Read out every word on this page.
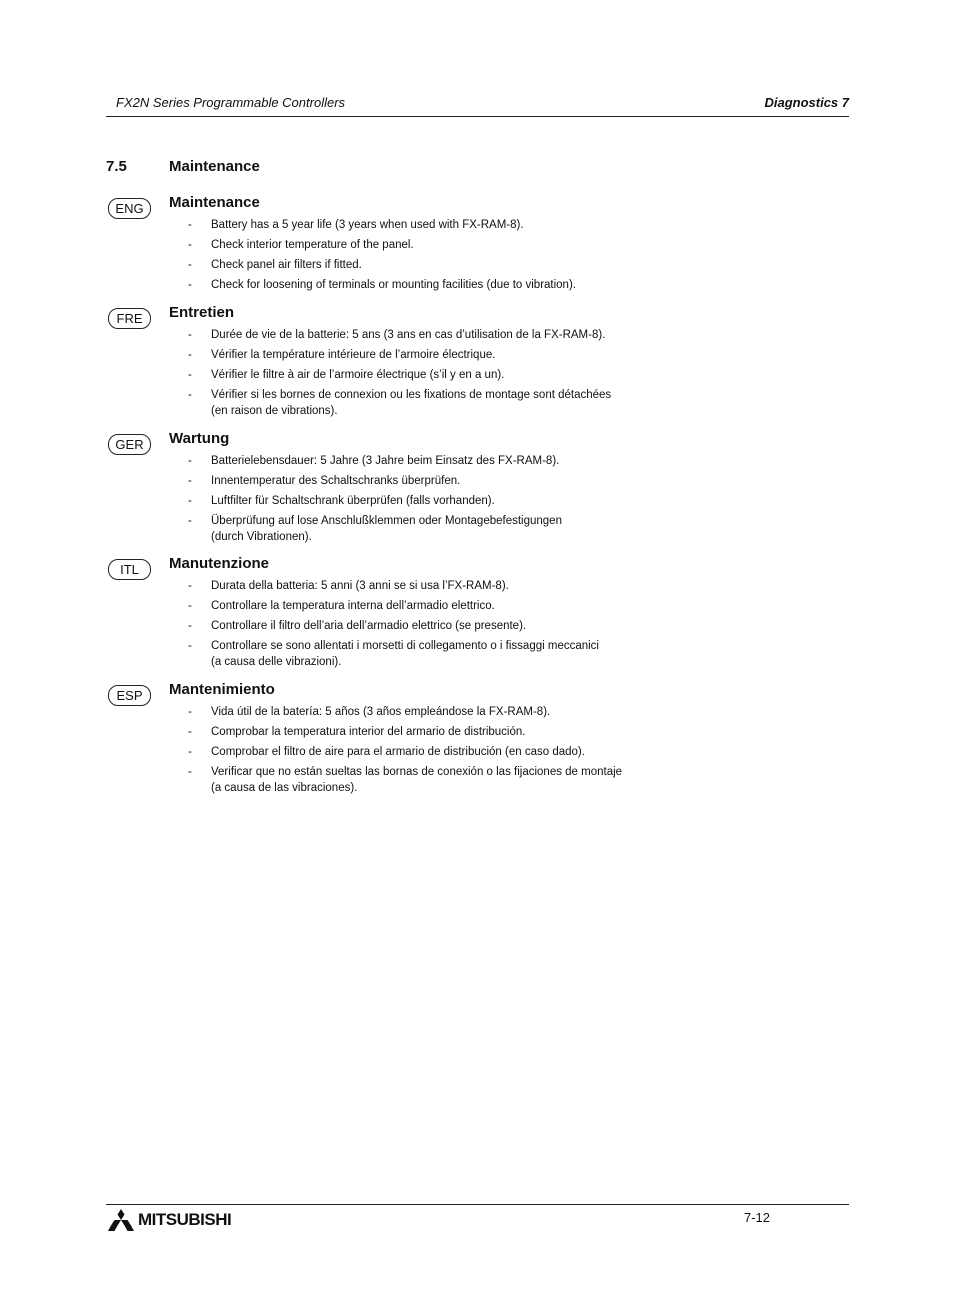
FX2N Series Programmable Controllers	Diagnostics 7
7.5	Maintenance
ENG	Maintenance
- Battery has a 5 year life (3 years when used with FX-RAM-8).
- Check interior temperature of the panel.
- Check panel air filters if fitted.
- Check for loosening of terminals or mounting facilities (due to vibration).
FRE	Entretien
- Durée de vie de la batterie: 5 ans (3 ans en cas d’utilisation de la FX-RAM-8).
- Vérifier la température intérieure de l’armoire électrique.
- Vérifier le filtre à air de l’armoire électrique (s’il y en a un).
- Vérifier si les bornes de connexion ou les fixations de montage sont détachées
(en raison de vibrations).
GER	Wartung
- Batterielebensdauer: 5 Jahre (3 Jahre beim Einsatz des FX-RAM-8).
- Innentemperatur des Schaltschranks überprüfen.
- Luftfilter für Schaltschrank überprüfen (falls vorhanden).
- Überprüfung auf lose Anschlußklemmen oder Montagebefestigungen
(durch Vibrationen).
ITL	Manutenzione
- Durata della batteria: 5 anni (3 anni se si usa l’FX-RAM-8).
- Controllare la temperatura interna dell’armadio elettrico.
- Controllare il filtro dell’aria dell’armadio elettrico (se presente).
- Controllare se sono allentati i morsetti di collegamento o i fissaggi meccanici
(a causa delle vibrazioni).
ESP	Mantenimiento
- Vida útil de la batería: 5 años (3 años empleándose la FX-RAM-8).
- Comprobar la temperatura interior del armario de distribución.
- Comprobar el filtro de aire para el armario de distribución (en caso dado).
- Verificar que no están sueltas las bornas de conexión o las fijaciones de montaje
(a causa de las vibraciones).
MITSUBISHI	7-12
